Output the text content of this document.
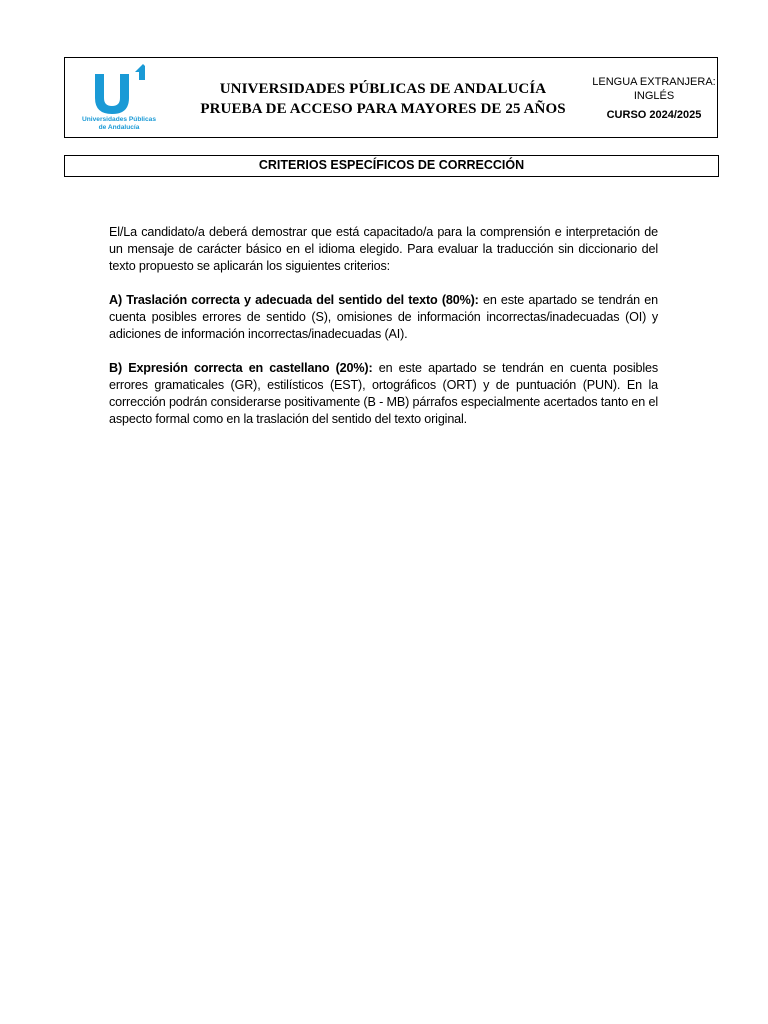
Universidades Públicas
de Andalucía
UNIVERSIDADES PÚBLICAS DE ANDALUCÍA
PRUEBA DE ACCESO PARA MAYORES DE 25 AÑOS
LENGUA EXTRANJERA:
INGLÉS
CURSO 2024/2025
CRITERIOS ESPECÍFICOS DE CORRECCIÓN

El/La candidato/a deberá demostrar que está capacitado/a para la comprensión e interpretación de un mensaje de carácter básico en el idioma elegido. Para evaluar la traducción sin diccionario del texto propuesto se aplicarán los siguientes criterios:

A) Traslación correcta y adecuada del sentido del texto (80%): en este apartado se tendrán en cuenta posibles errores de sentido (S), omisiones de información incorrectas/inadecuadas (OI) y adiciones de información incorrectas/inadecuadas (AI).

B) Expresión correcta en castellano (20%): en este apartado se tendrán en cuenta posibles errores gramaticales (GR), estilísticos (EST), ortográficos (ORT) y de puntuación (PUN). En la corrección podrán considerarse positivamente (B - MB) párrafos especialmente acertados tanto en el aspecto formal como en la traslación del sentido del texto original.
